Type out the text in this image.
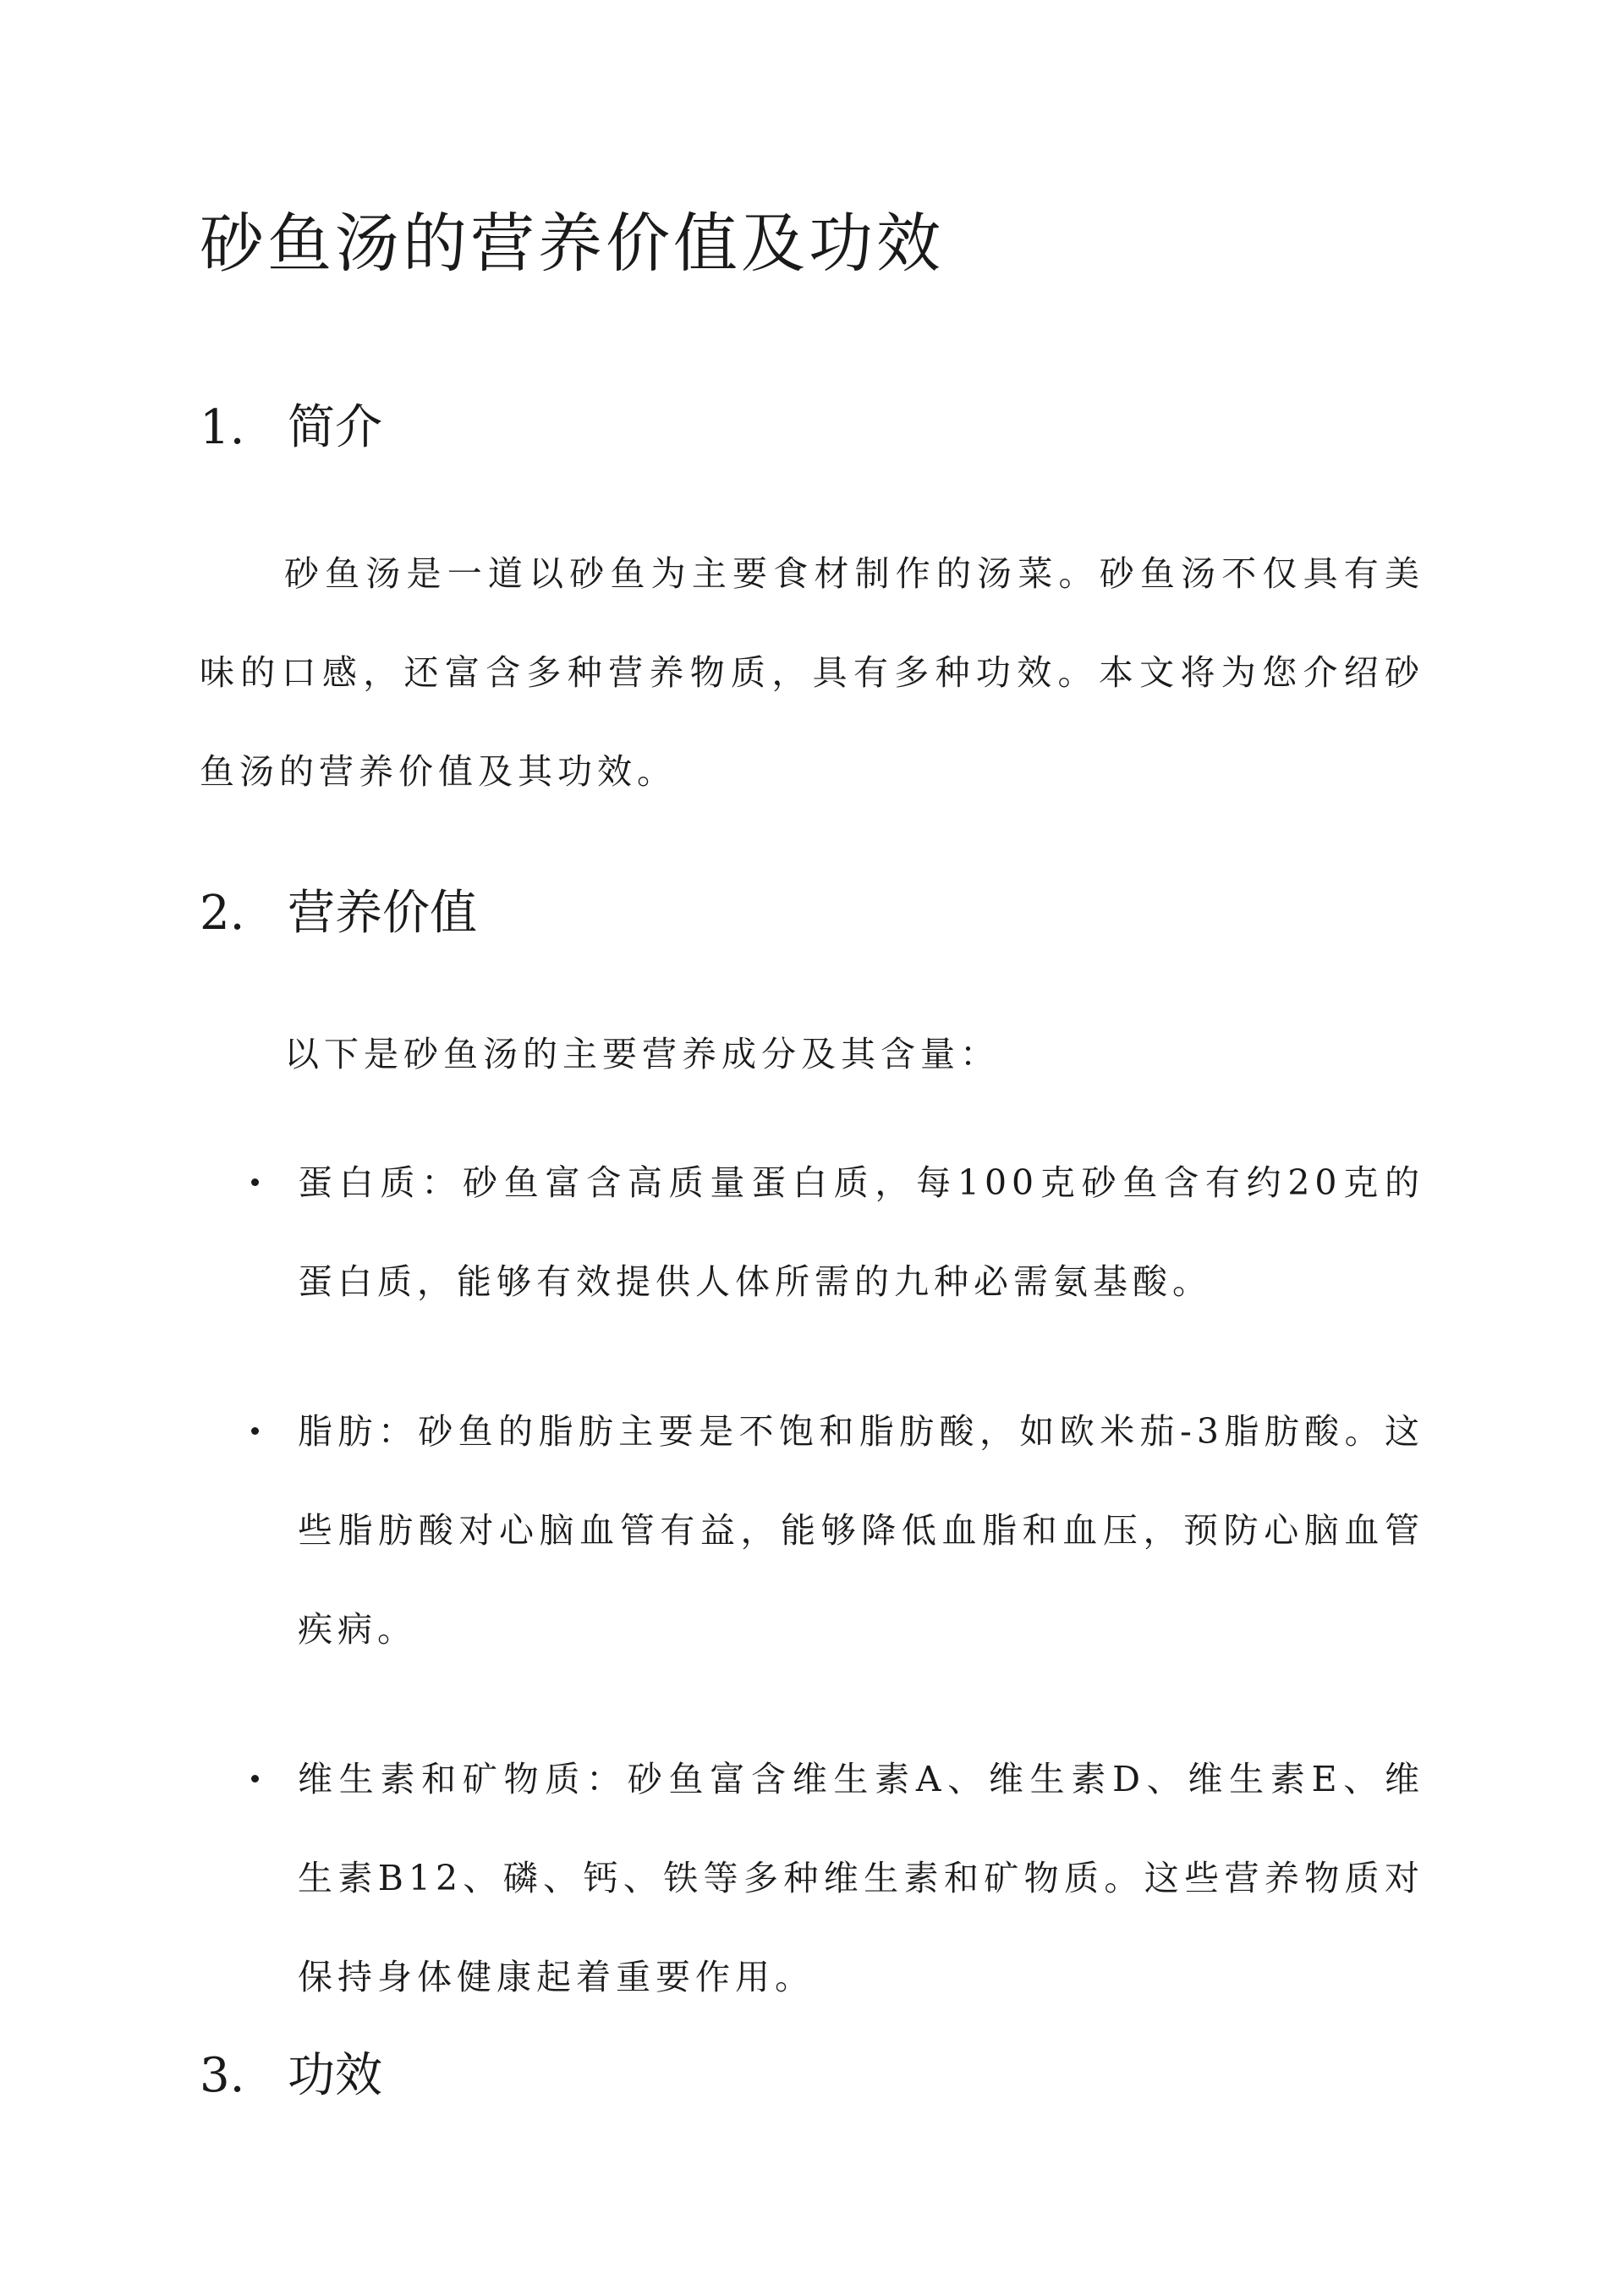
砂鱼汤的营养价值及功效
1. 简介

砂鱼汤是一道以砂鱼为主要食材制作的汤菜。砂鱼汤不仅具有美味的口感，还富含多种营养物质，具有多种功效。本文将为您介绍砂鱼汤的营养价值及其功效。

2. 营养价值

以下是砂鱼汤的主要营养成分及其含量：

蛋白质：砂鱼富含高质量蛋白质，每100克砂鱼含有约20克的蛋白质，能够有效提供人体所需的九种必需氨基酸。
脂肪：砂鱼的脂肪主要是不饱和脂肪酸，如欧米茄-3脂肪酸。这些脂肪酸对心脑血管有益，能够降低血脂和血压，预防心脑血管疾病。
维生素和矿物质：砂鱼富含维生素A、维生素D、维生素E、维生素B12、磷、钙、铁等多种维生素和矿物质。这些营养物质对保持身体健康起着重要作用。
3. 功效
